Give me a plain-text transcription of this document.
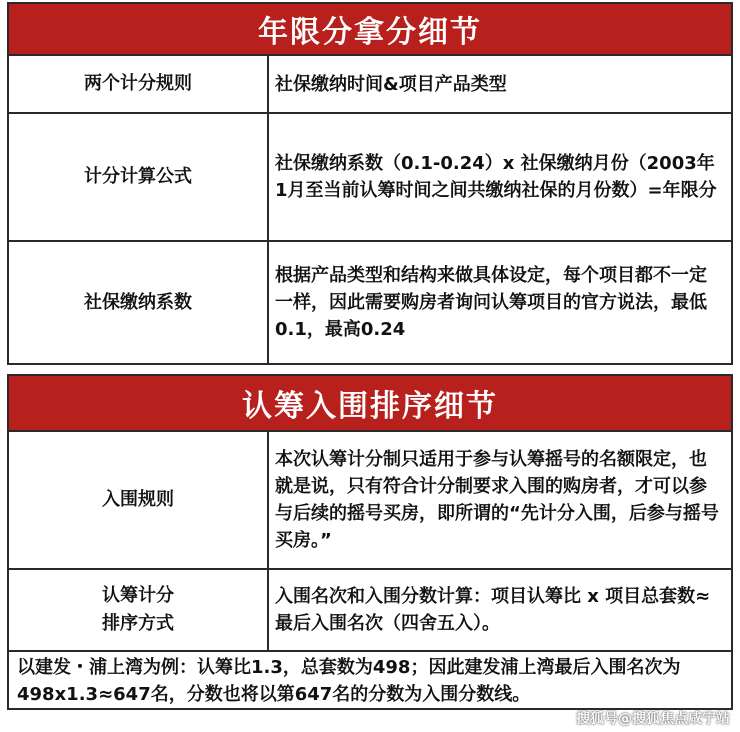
年限分拿分细节
两个计分规则	社保缴纳时间&项目产品类型
计分计算公式
社保缴纳系数（0.1-0.24）x 社保缴纳月份（2003年1月至当前认筹时间之间共缴纳社保的月份数）=年限分
社保缴纳系数
根据产品类型和结构来做具体设定，每个项目都不一定一样，因此需要购房者询问认筹项目的官方说法，最低0.1，最高0.24
认筹入围排序细节
入围规则
本次认筹计分制只适用于参与认筹摇号的名额限定，也就是说，只有符合计分制要求入围的购房者，才可以参与后续的摇号买房，即所谓的“先计分入围，后参与摇号买房。”
认筹计分
排序方式
入围名次和入围分数计算：项目认筹比 x 项目总套数≈最后入围名次（四舍五入）。
以建发・浦上湾为例：认筹比1.3，总套数为498；因此建发浦上湾最后入围名次为498x1.3≈647名，分数也将以第647名的分数为入围分数线。
搜狐号@搜狐焦点咸宁站
